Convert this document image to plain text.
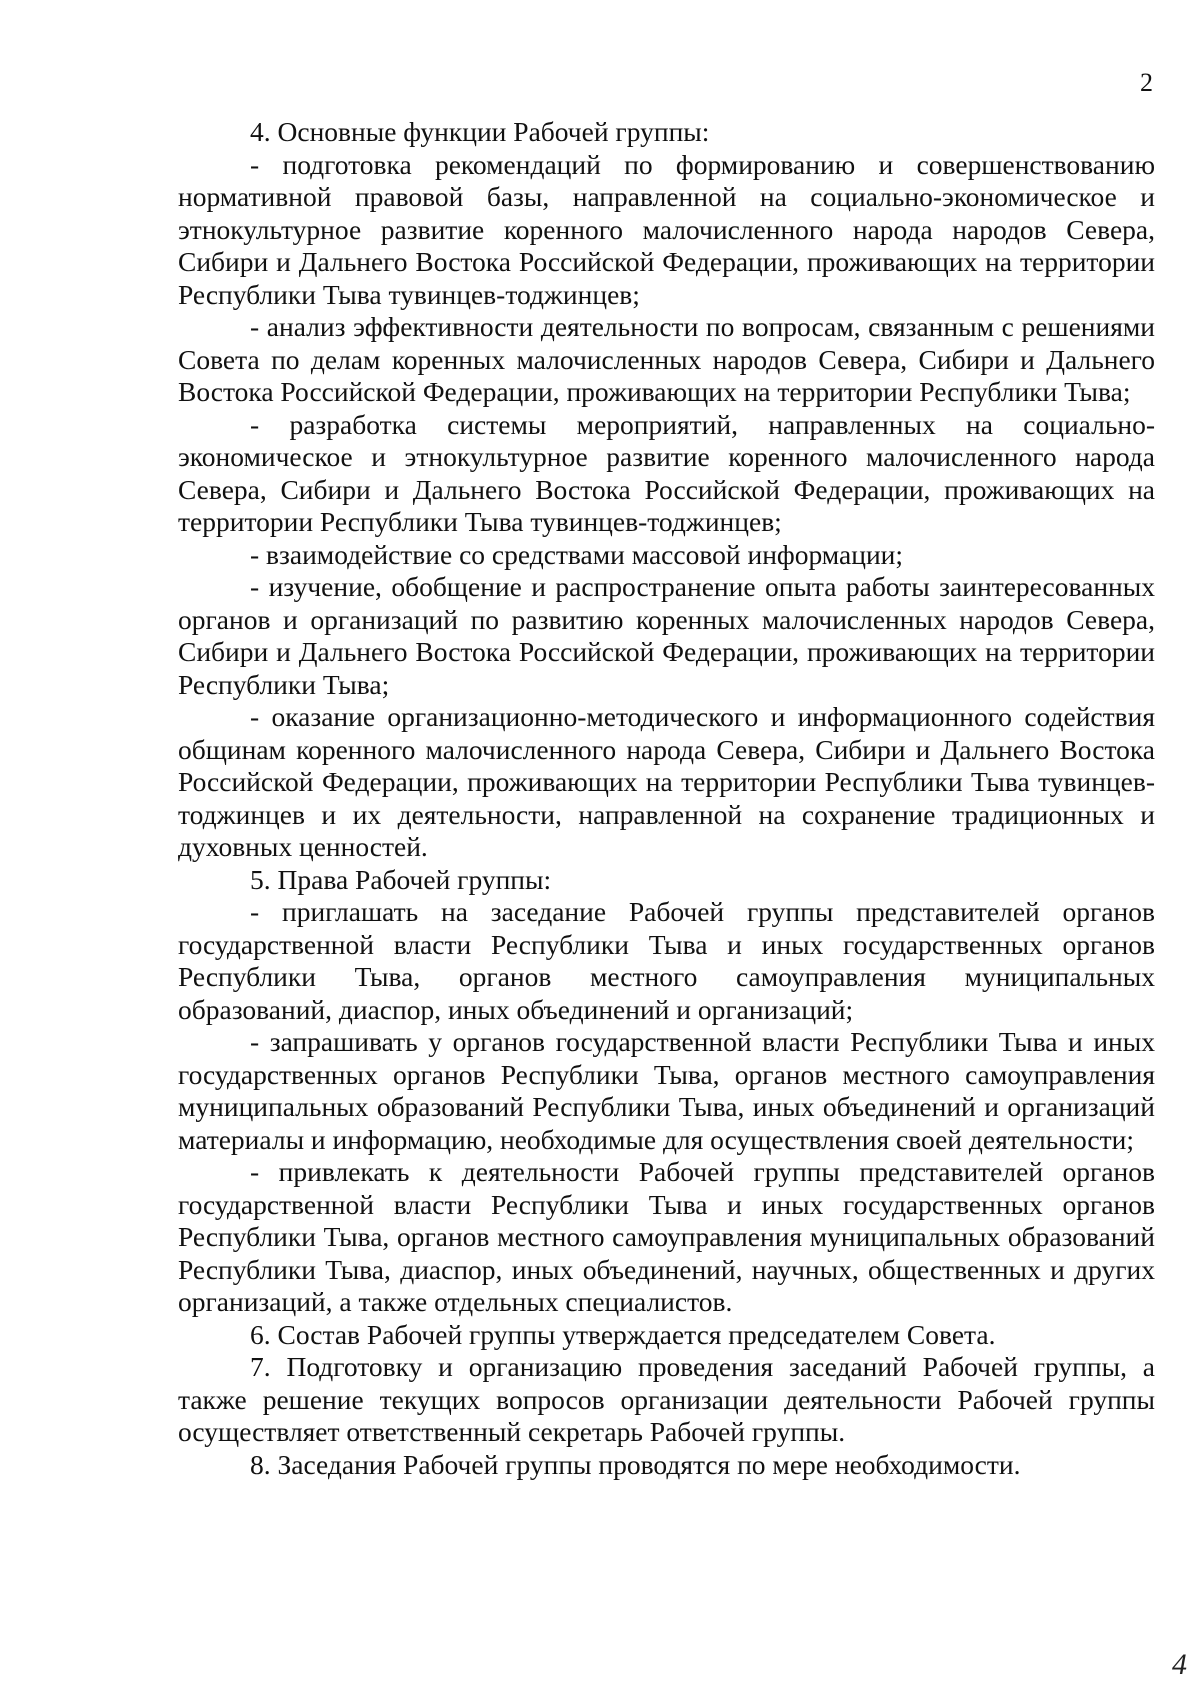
2

4. Основные функции Рабочей группы:

- подготовка рекомендаций по формированию и совершенствованию нормативной правовой базы, направленной на социально-экономическое и этнокультурное развитие коренного малочисленного народа народов Севера, Сибири и Дальнего Востока Российской Федерации, проживающих на территории Республики Тыва тувинцев-тоджинцев;

- анализ эффективности деятельности по вопросам, связанным с решениями Совета по делам коренных малочисленных народов Севера, Сибири и Дальнего Востока Российской Федерации, проживающих на территории Республики Тыва;

- разработка системы мероприятий, направленных на социально-экономическое и этнокультурное развитие коренного малочисленного народа Севера, Сибири и Дальнего Востока Российской Федерации, проживающих на территории Республики Тыва тувинцев-тоджинцев;

- взаимодействие со средствами массовой информации;

- изучение, обобщение и распространение опыта работы заинтересованных органов и организаций по развитию коренных малочисленных народов Севера, Сибири и Дальнего Востока Российской Федерации, проживающих на территории Республики Тыва;

- оказание организационно-методического и информационного содействия общинам коренного малочисленного народа Севера, Сибири и Дальнего Востока Российской Федерации, проживающих на территории Республики Тыва тувинцев-тоджинцев и их деятельности, направленной на сохранение традиционных и духовных ценностей.

5. Права Рабочей группы:

- приглашать на заседание Рабочей группы представителей органов государственной власти Республики Тыва и иных государственных органов Республики Тыва, органов местного самоуправления муниципальных образований, диаспор, иных объединений и организаций;

- запрашивать у органов государственной власти Республики Тыва и иных государственных органов Республики Тыва, органов местного самоуправления муниципальных образований Республики Тыва, иных объединений и организаций материалы и информацию, необходимые для осуществления своей деятельности;

- привлекать к деятельности Рабочей группы представителей органов государственной власти Республики Тыва и иных государственных органов Республики Тыва, органов местного самоуправления муниципальных образований Республики Тыва, диаспор, иных объединений, научных, общественных и других организаций, а также отдельных специалистов.

6. Состав Рабочей группы утверждается председателем Совета.

7. Подготовку и организацию проведения заседаний Рабочей группы, а также решение текущих вопросов организации деятельности Рабочей группы осуществляет ответственный секретарь Рабочей группы.

8. Заседания Рабочей группы проводятся по мере необходимости.

4
